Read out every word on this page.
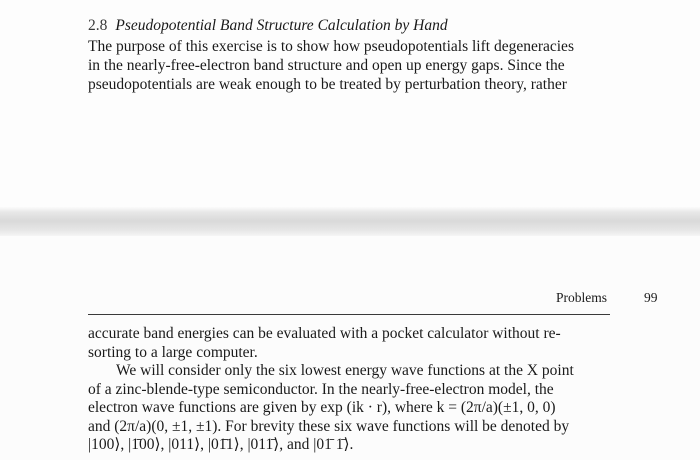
2.8 Pseudopotential Band Structure Calculation by Hand
The purpose of this exercise is to show how pseudopotentials lift degeneracies
in the nearly-free-electron band structure and open up energy gaps. Since the
pseudopotentials are weak enough to be treated by perturbation theory, rather
Problems	99
accurate band energies can be evaluated with a pocket calculator without re-
sorting to a large computer.
We will consider only the six lowest energy wave functions at the X point
of a zinc-blende-type semiconductor. In the nearly-free-electron model, the
electron wave functions are given by exp (ik · r), where k = (2π/a)(±1, 0, 0)
and (2π/a)(0, ±1, ±1). For brevity these six wave functions will be denoted by
|100⟩, |1̄00⟩, |011⟩, |01̄1⟩, |011̄⟩, and |01̄ 1̄⟩.
